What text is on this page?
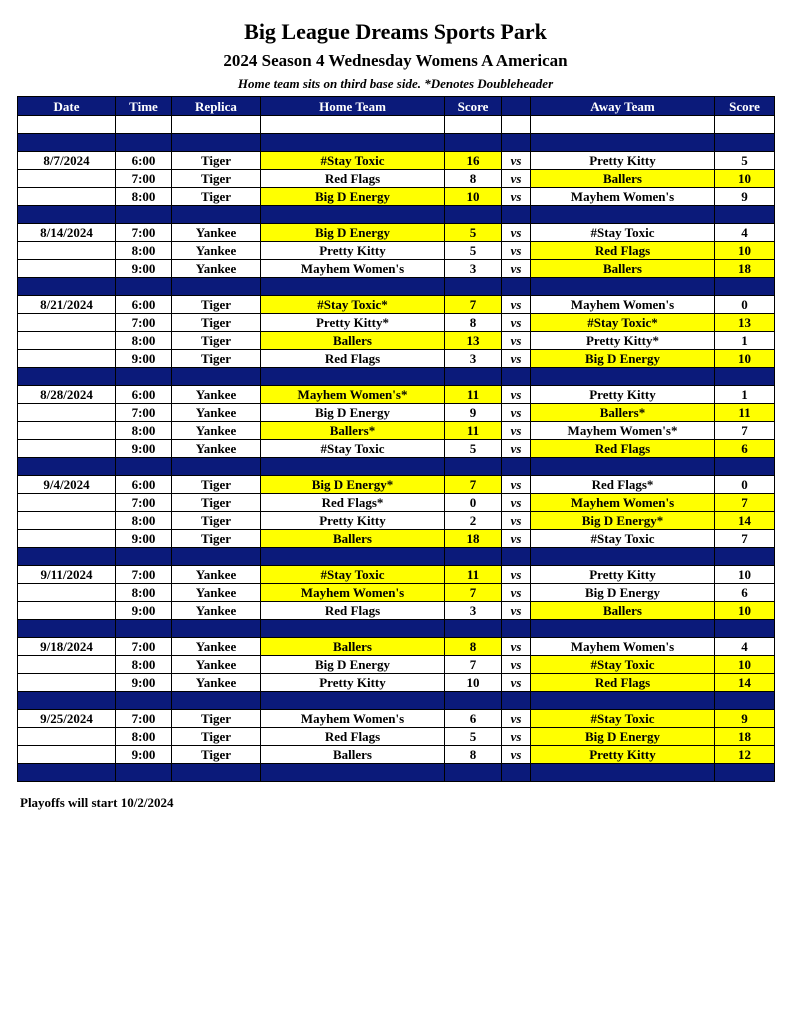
Big League Dreams Sports Park
2024 Season 4 Wednesday Womens A American
Home team sits on third base side. *Denotes Doubleheader
Date	Time	Replica	Home Team	Score		Away Team	Score

8/7/2024	6:00	Tiger	#Stay Toxic	16	vs	Pretty Kitty	5
	7:00	Tiger	Red Flags	8	vs	Ballers	10
	8:00	Tiger	Big D Energy	10	vs	Mayhem Women's	9

8/14/2024	7:00	Yankee	Big D Energy	5	vs	#Stay Toxic	4
	8:00	Yankee	Pretty Kitty	5	vs	Red Flags	10
	9:00	Yankee	Mayhem Women's	3	vs	Ballers	18

8/21/2024	6:00	Tiger	#Stay Toxic*	7	vs	Mayhem Women's	0
	7:00	Tiger	Pretty Kitty*	8	vs	#Stay Toxic*	13
	8:00	Tiger	Ballers	13	vs	Pretty Kitty*	1
	9:00	Tiger	Red Flags	3	vs	Big D Energy	10

8/28/2024	6:00	Yankee	Mayhem Women's*	11	vs	Pretty Kitty	1
	7:00	Yankee	Big D Energy	9	vs	Ballers*	11
	8:00	Yankee	Ballers*	11	vs	Mayhem Women's*	7
	9:00	Yankee	#Stay Toxic	5	vs	Red Flags	6

9/4/2024	6:00	Tiger	Big D Energy*	7	vs	Red Flags*	0
	7:00	Tiger	Red Flags*	0	vs	Mayhem Women's	7
	8:00	Tiger	Pretty Kitty	2	vs	Big D Energy*	14
	9:00	Tiger	Ballers	18	vs	#Stay Toxic	7

9/11/2024	7:00	Yankee	#Stay Toxic	11	vs	Pretty Kitty	10
	8:00	Yankee	Mayhem Women's	7	vs	Big D Energy	6
	9:00	Yankee	Red Flags	3	vs	Ballers	10

9/18/2024	7:00	Yankee	Ballers	8	vs	Mayhem Women's	4
	8:00	Yankee	Big D Energy	7	vs	#Stay Toxic	10
	9:00	Yankee	Pretty Kitty	10	vs	Red Flags	14

9/25/2024	7:00	Tiger	Mayhem Women's	6	vs	#Stay Toxic	9
	8:00	Tiger	Red Flags	5	vs	Big D Energy	18
	9:00	Tiger	Ballers	8	vs	Pretty Kitty	12

Playoffs will start 10/2/2024
